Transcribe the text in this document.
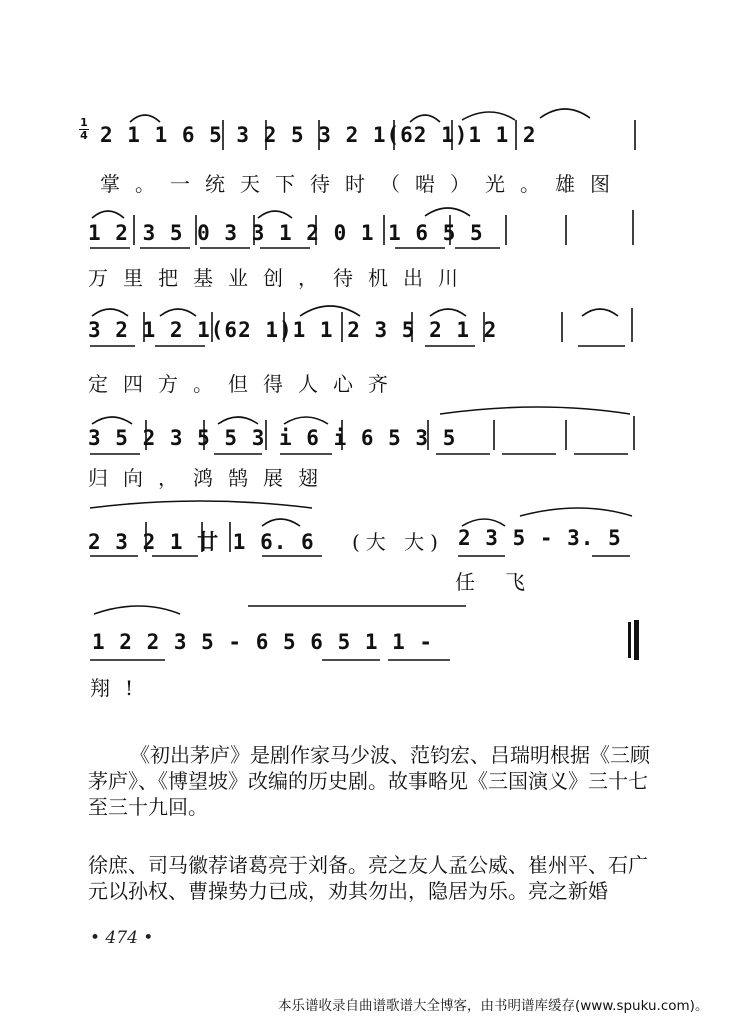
1
4 2 1 1 6 5 3 2 5 3 2 1(62 1)1 1 2
掌。一统天下待时（啱）光。雄图
1 2 3 5 0 3 3 1 2 0 1 1 6 5 5
万里把基业创，待机出川
3 2 1 2 1(62 1)1 1 2 3 5 2 1 2
定四方。但得人心齐
3 5 2 3 5 5 3 i 6 i 6 5 3 5
归向，鸿鹄展翅
2 3 2 1 廿 1 6. 6 (大 大) 2 3 5 - 3. 5
任飞
1 2 2 3 5 - 6 5 6 5 1 1 -
翔!

《初出茅庐》是剧作家马少波、范钧宏、吕瑞明根据《三顾茅庐》、《博望坡》改编的历史剧。故事略见《三国演义》三十七至三十九回。

徐庶、司马徽荐诸葛亮于刘备。亮之友人孟公威、崔州平、石广元以孙权、曹操势力已成，劝其勿出，隐居为乐。亮之新婚

• 474 •
本乐谱收录自曲谱歌谱大全博客，由书明谱库缓存(www.spuku.com)。
